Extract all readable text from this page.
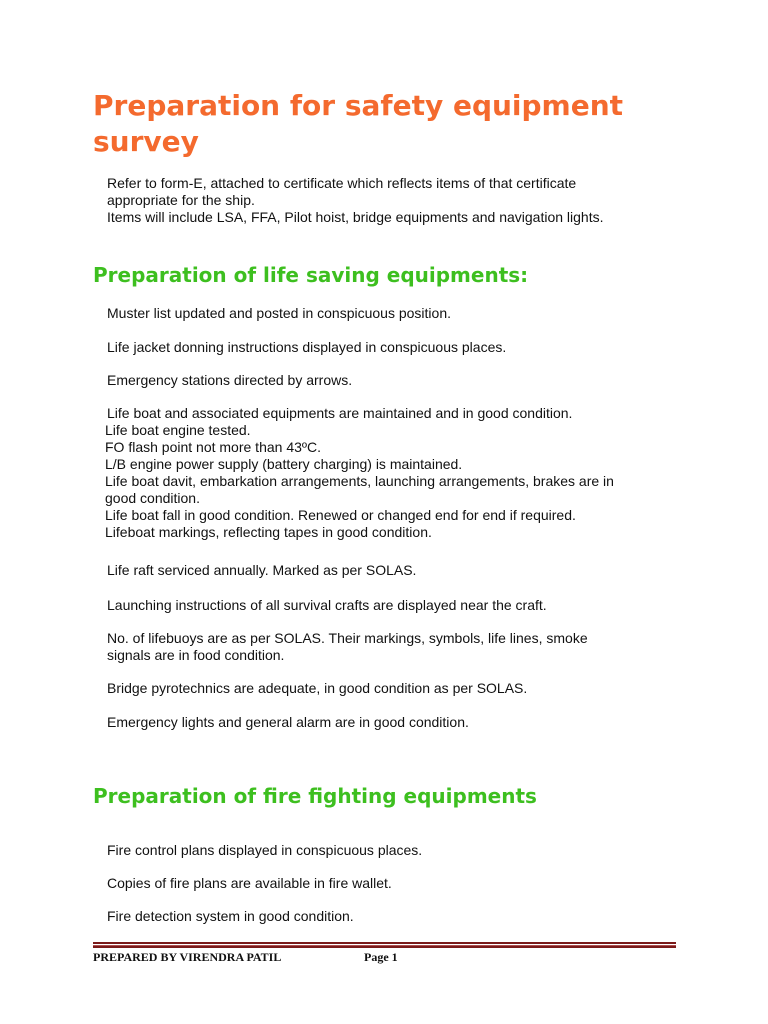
Preparation for safety equipment survey
Refer to form-E, attached to certificate which reflects items of that certificate
appropriate for the ship.
Items will include LSA, FFA, Pilot hoist, bridge equipments and navigation lights.
Preparation of life saving equipments:
Muster list updated and posted in conspicuous position.
Life jacket donning instructions displayed in conspicuous places.
Emergency stations directed by arrows.
Life boat and associated equipments are maintained and in good condition.
Life boat engine tested.
FO flash point not more than 43ºC.
L/B engine power supply (battery charging) is maintained.
Life boat davit, embarkation arrangements, launching arrangements, brakes are in
good condition.
Life boat fall in good condition. Renewed or changed end for end if required.
Lifeboat markings, reflecting tapes in good condition.
Life raft serviced annually. Marked as per SOLAS.
Launching instructions of all survival crafts are displayed near the craft.
No. of lifebuoys are as per SOLAS. Their markings, symbols, life lines, smoke
signals are in food condition.
Bridge pyrotechnics are adequate, in good condition as per SOLAS.
Emergency lights and general alarm are in good condition.
Preparation of fire fighting equipments
Fire control plans displayed in conspicuous places.
Copies of fire plans are available in fire wallet.
Fire detection system in good condition.
PREPARED BY VIRENDRA PATIL	Page 1
